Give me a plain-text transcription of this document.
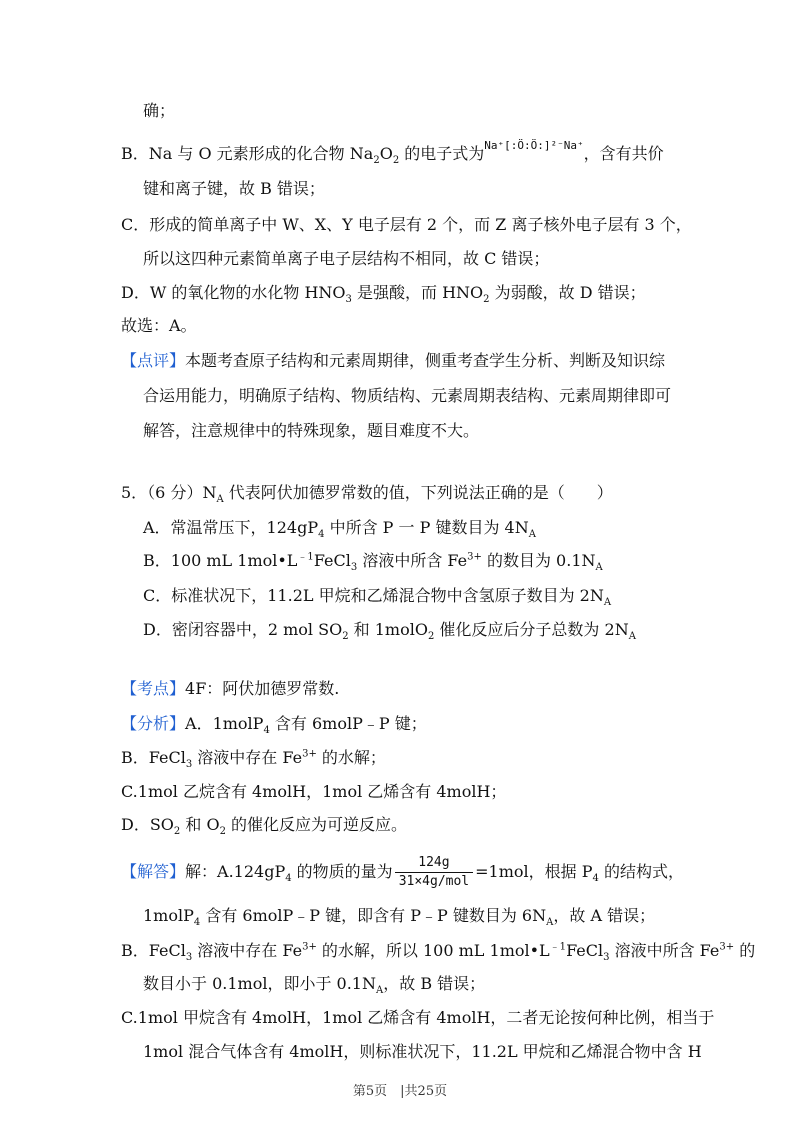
确；
B．Na 与 O 元素形成的化合物 $Na_2O_2$ 的电子式为$^{Na^+[:Ö:Ö:]^{2-}Na^+}$，含有共价
键和离子键，故 B 错误；
C．形成的简单离子中 W、X、Y 电子层有 2 个，而 Z 离子核外电子层有 3 个，
所以这四种元素简单离子电子层结构不相同，故 C 错误；
D．W 的氧化物的水化物 $HNO_3$ 是强酸，而 $HNO_2$ 为弱酸，故 D 错误；
故选：A。
【点评】本题考查原子结构和元素周期律，侧重考查学生分析、判断及知识综
合运用能力，明确原子结构、物质结构、元素周期表结构、元素周期律即可
解答，注意规律中的特殊现象，题目难度不大。
5．（6 分）$N_A$ 代表阿伏加德罗常数的值，下列说法正确的是（　　）
A．常温常压下，$124gP_4$ 中所含 P 一 P 键数目为 $4N_A$
B．100 mL $1mol•L^{﹣1}FeCl_3$ 溶液中所含 $Fe^{3+}$ 的数目为 $0.1N_A$
C．标准状况下，11.2L 甲烷和乙烯混合物中含氢原子数目为 $2N_A$
D．密闭容器中，2 mol $SO_2$ 和 1molO$_2$ 催化反应后分子总数为 $2N_A$
【考点】4F：阿伏加德罗常数.
【分析】A．1molP$_4$ 含有 6molP﹣P 键；
B．FeCl$_3$ 溶液中存在 $Fe^{3+}$ 的水解；
C.1mol 乙烷含有 4molH，1mol 乙烯含有 4molH；
D．$SO_2$ 和 $O_2$ 的催化反应为可逆反应。
【解答】解：$A.124gP_4$ 的物质的量为 $\frac{124g}{\text{31×4g/mol}} =1mol$，根据 $P_4$ 的结构式，
1molP$_4$ 含有 6molP﹣P 键，即含有 P﹣P 键数目为 $6N_A$，故 A 错误；
B．FeCl$_3$ 溶液中存在 $Fe^{3+}$ 的水解，所以 100 mL $1mol•L^{﹣1}FeCl_3$ 溶液中所含 $Fe^{3+}$ 的
数目小于 0.1mol，即小于 $0.1N_A$，故 B 错误；
C.1mol 甲烷含有 4molH，1mol 乙烯含有 4molH，二者无论按何种比例，相当于
1mol 混合气体含有 4molH，则标准状况下，11.2L 甲烷和乙烯混合物中含 H
第5页　|共25页
